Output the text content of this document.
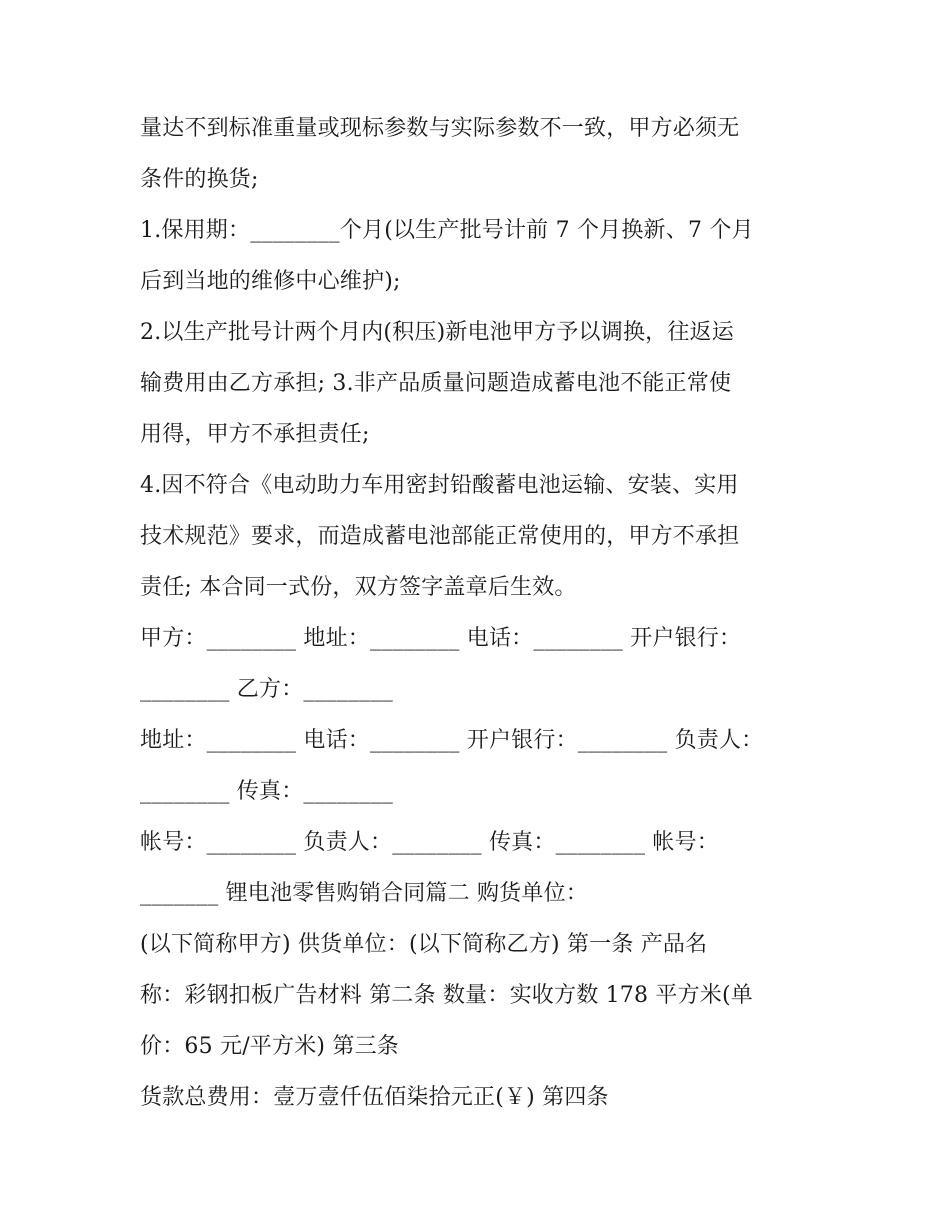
量达不到标准重量或现标参数与实际参数不一致，甲方必须无
条件的换货;
1.保用期：________个月(以生产批号计前 7 个月换新、7 个月
后到当地的维修中心维护);
2.以生产批号计两个月内(积压)新电池甲方予以调换，往返运
输费用由乙方承担; 3.非产品质量问题造成蓄电池不能正常使
用得，甲方不承担责任;
4.因不符合《电动助力车用密封铅酸蓄电池运输、安装、实用
技术规范》要求，而造成蓄电池部能正常使用的，甲方不承担
责任; 本合同一式份，双方签字盖章后生效。
甲方：________ 地址：________ 电话：________ 开户银行：
________ 乙方：________
地址：________ 电话：________ 开户银行：________ 负责人：
________ 传真：________
帐号：________ 负责人：________ 传真：________ 帐号：
_______ 锂电池零售购销合同篇二 购货单位：
(以下简称甲方) 供货单位：(以下简称乙方) 第一条 产品名
称：彩钢扣板广告材料 第二条 数量：实收方数 178 平方米(单
价：65 元/平方米) 第三条
货款总费用：壹万壹仟伍佰柒拾元正(￥) 第四条
